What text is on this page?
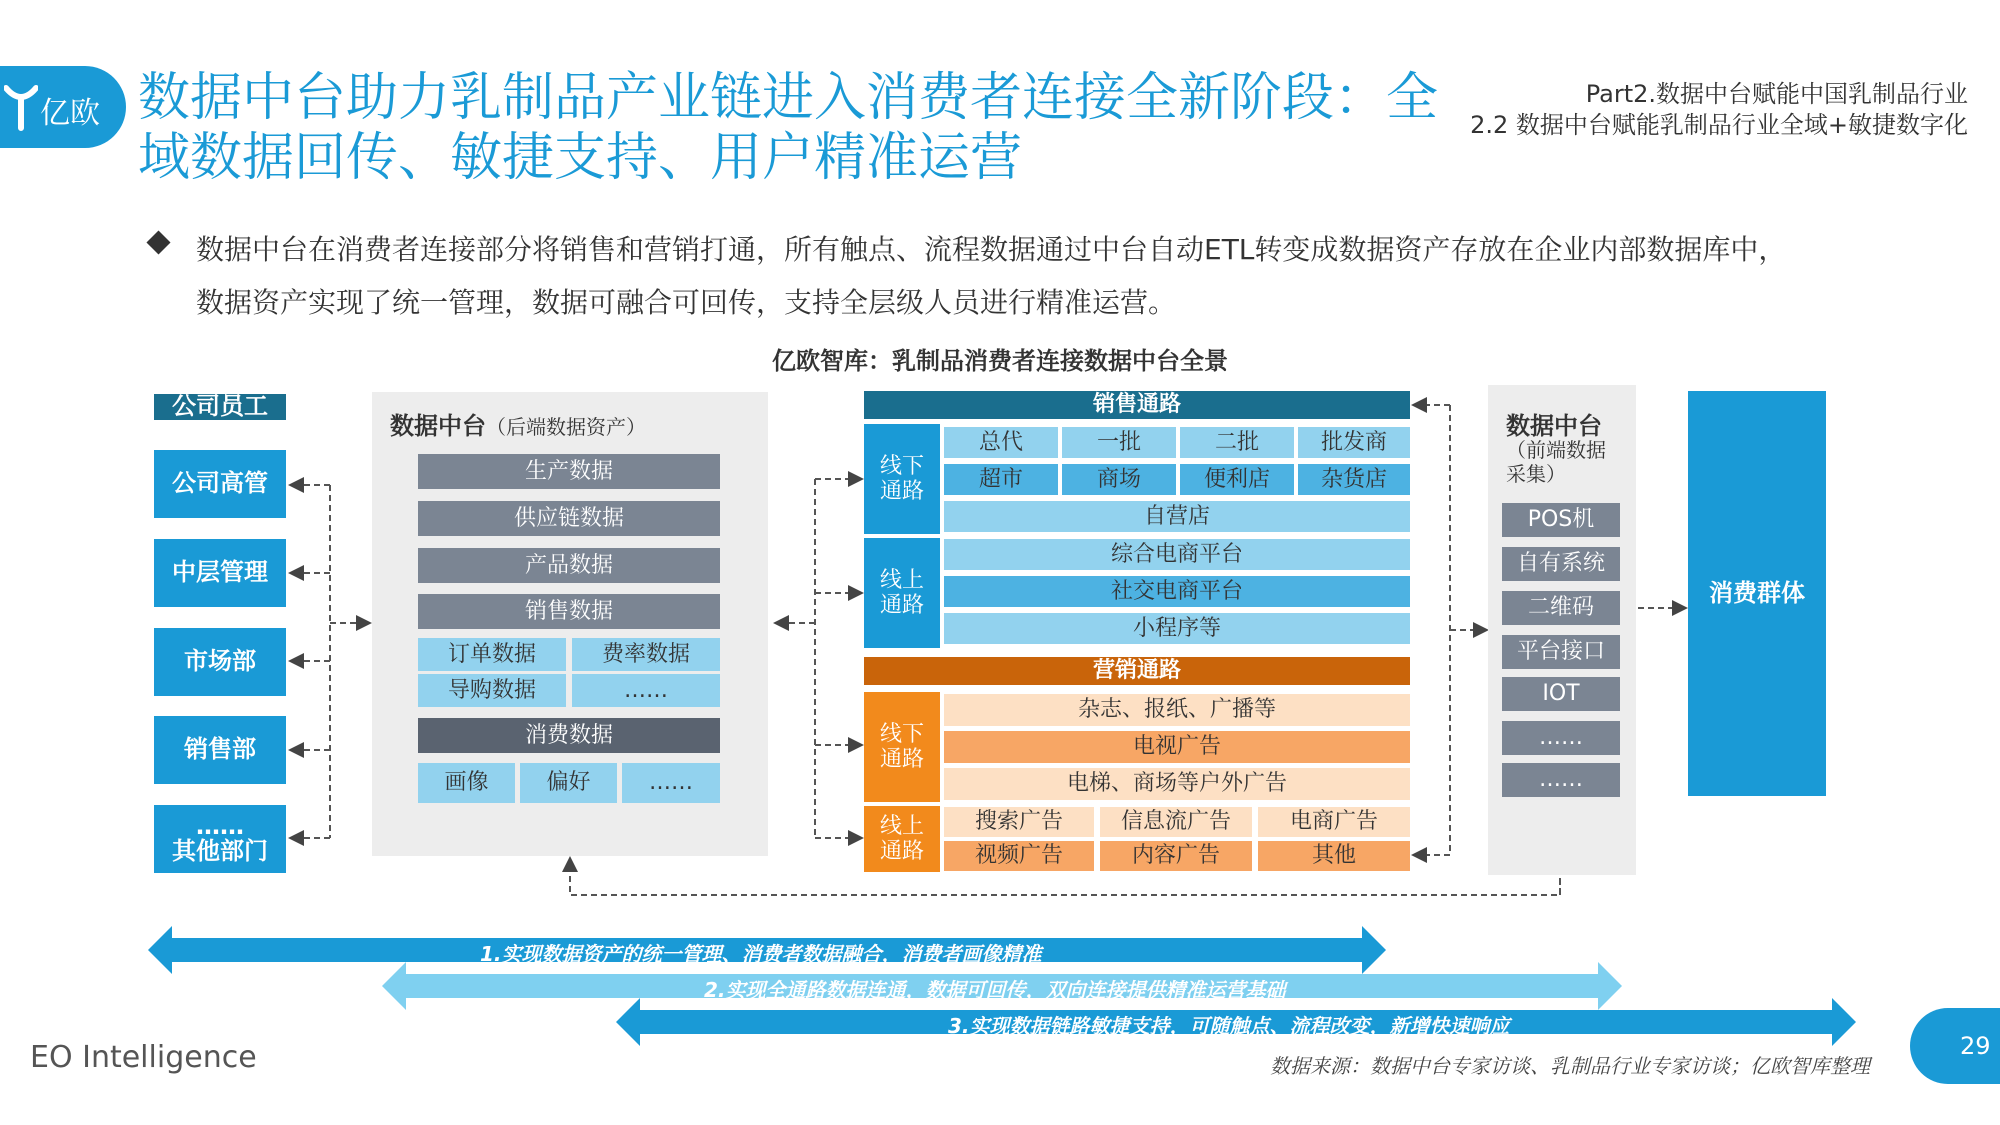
亿欧 数据中台助力乳制品产业链进入消费者连接全新阶段：全
域数据回传、敏捷支持、用户精准运营
Part2.数据中台赋能中国乳制品行业
2.2 数据中台赋能乳制品行业全域+敏捷数字化
数据中台在消费者连接部分将销售和营销打通，所有触点、流程数据通过中台自动ETL转变成数据资产存放在企业内部数据库中，
数据资产实现了统一管理，数据可融合可回传，支持全层级人员进行精准运营。
亿欧智库：乳制品消费者连接数据中台全景
公司员工
公司高管
中层管理
市场部
销售部
……
其他部门
数据中台（后端数据资产）
生产数据
供应链数据
产品数据
销售数据
订单数据	费率数据
导购数据	……
消费数据
画像	偏好	……
销售通路
线下
通路
总代	一批	二批	批发商
超市	商场	便利店	杂货店
自营店
线上
通路
综合电商平台
社交电商平台
小程序等
营销通路
线下
通路
杂志、报纸、广播等
电视广告
电梯、商场等户外广告
线上
通路
搜索广告	信息流广告	电商广告
视频广告	内容广告	其他
数据中台
（前端数据
采集）
POS机
自有系统
二维码
平台接口
IOT
……
……
消费群体
1.实现数据资产的统一管理、消费者数据融合，消费者画像精准
2.实现全通路数据连通，数据可回传，双向连接提供精准运营基础
3.实现数据链路敏捷支持，可随触点、流程改变，新增快速响应
EO Intelligence	数据来源：数据中台专家访谈、乳制品行业专家访谈；亿欧智库整理
29
